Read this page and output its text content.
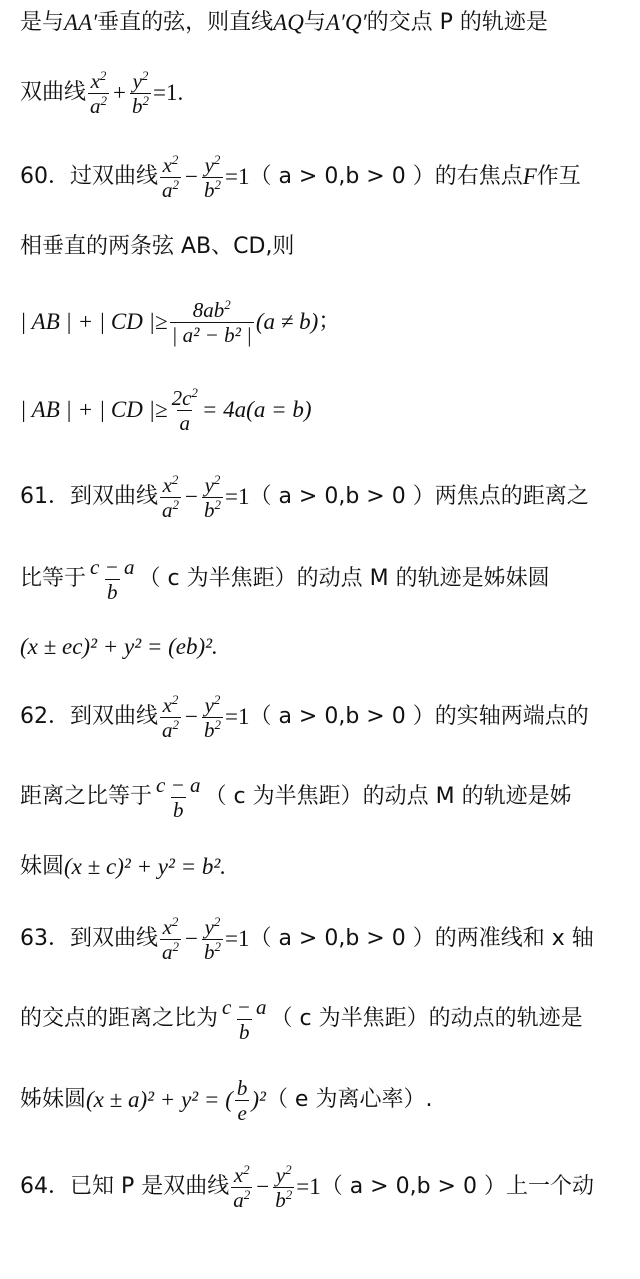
是与 AA ′ 垂直的弦，则直线 AQ 与 A ′ Q ′ 的交点 P 的轨迹是
双曲线 $\frac{x^2}{a^2} + \frac{y^2}{b^2} =1$.
60．过双曲线 $\frac{x^2}{a^2} - \frac{y^2}{b^2} =1$ （ a > 0,b > 0 ）的右焦点 F 作互
相垂直的两条弦 AB、CD,则
| AB | + | CD |≥ $\frac{8ab^2}{\text{| a² − b² |}} (a \ne b)$ ；
| AB | + | CD |≥ $\frac{2c^2}{a} = 4a(a = b)$
61．到双曲线 $\frac{x^2}{a^2} - \frac{y^2}{b^2} =1$ （ a > 0,b > 0 ）两焦点的距离之
比等于 $\frac{c - a}{b}$ （ c 为半焦距）的动点 M 的轨迹是姊妹圆
(x ± ec)² + y² = (eb)².
62．到双曲线 $\frac{x^2}{a^2} - \frac{y^2}{b^2} =1$ （ a > 0,b > 0 ）的实轴两端点的
距离之比等于 $\frac{c - a}{b}$ （ c 为半焦距）的动点 M 的轨迹是姊
妹圆 (x ± c)² + y² = b².
63．到双曲线 $\frac{x^2}{a^2} - \frac{y^2}{b^2} =1$ （ a > 0,b > 0 ）的两准线和 x 轴
的交点的距离之比为 $\frac{c - a}{b}$ （ c 为半焦距）的动点的轨迹是
姊妹圆 (x ± a)² + y² = ( $\frac{b}{e} )^2$ （ e 为离心率）.
64．已知 P 是双曲线 $\frac{x^2}{a^2} - \frac{y^2}{b^2} =1$ （ a > 0,b > 0 ）上一个动
